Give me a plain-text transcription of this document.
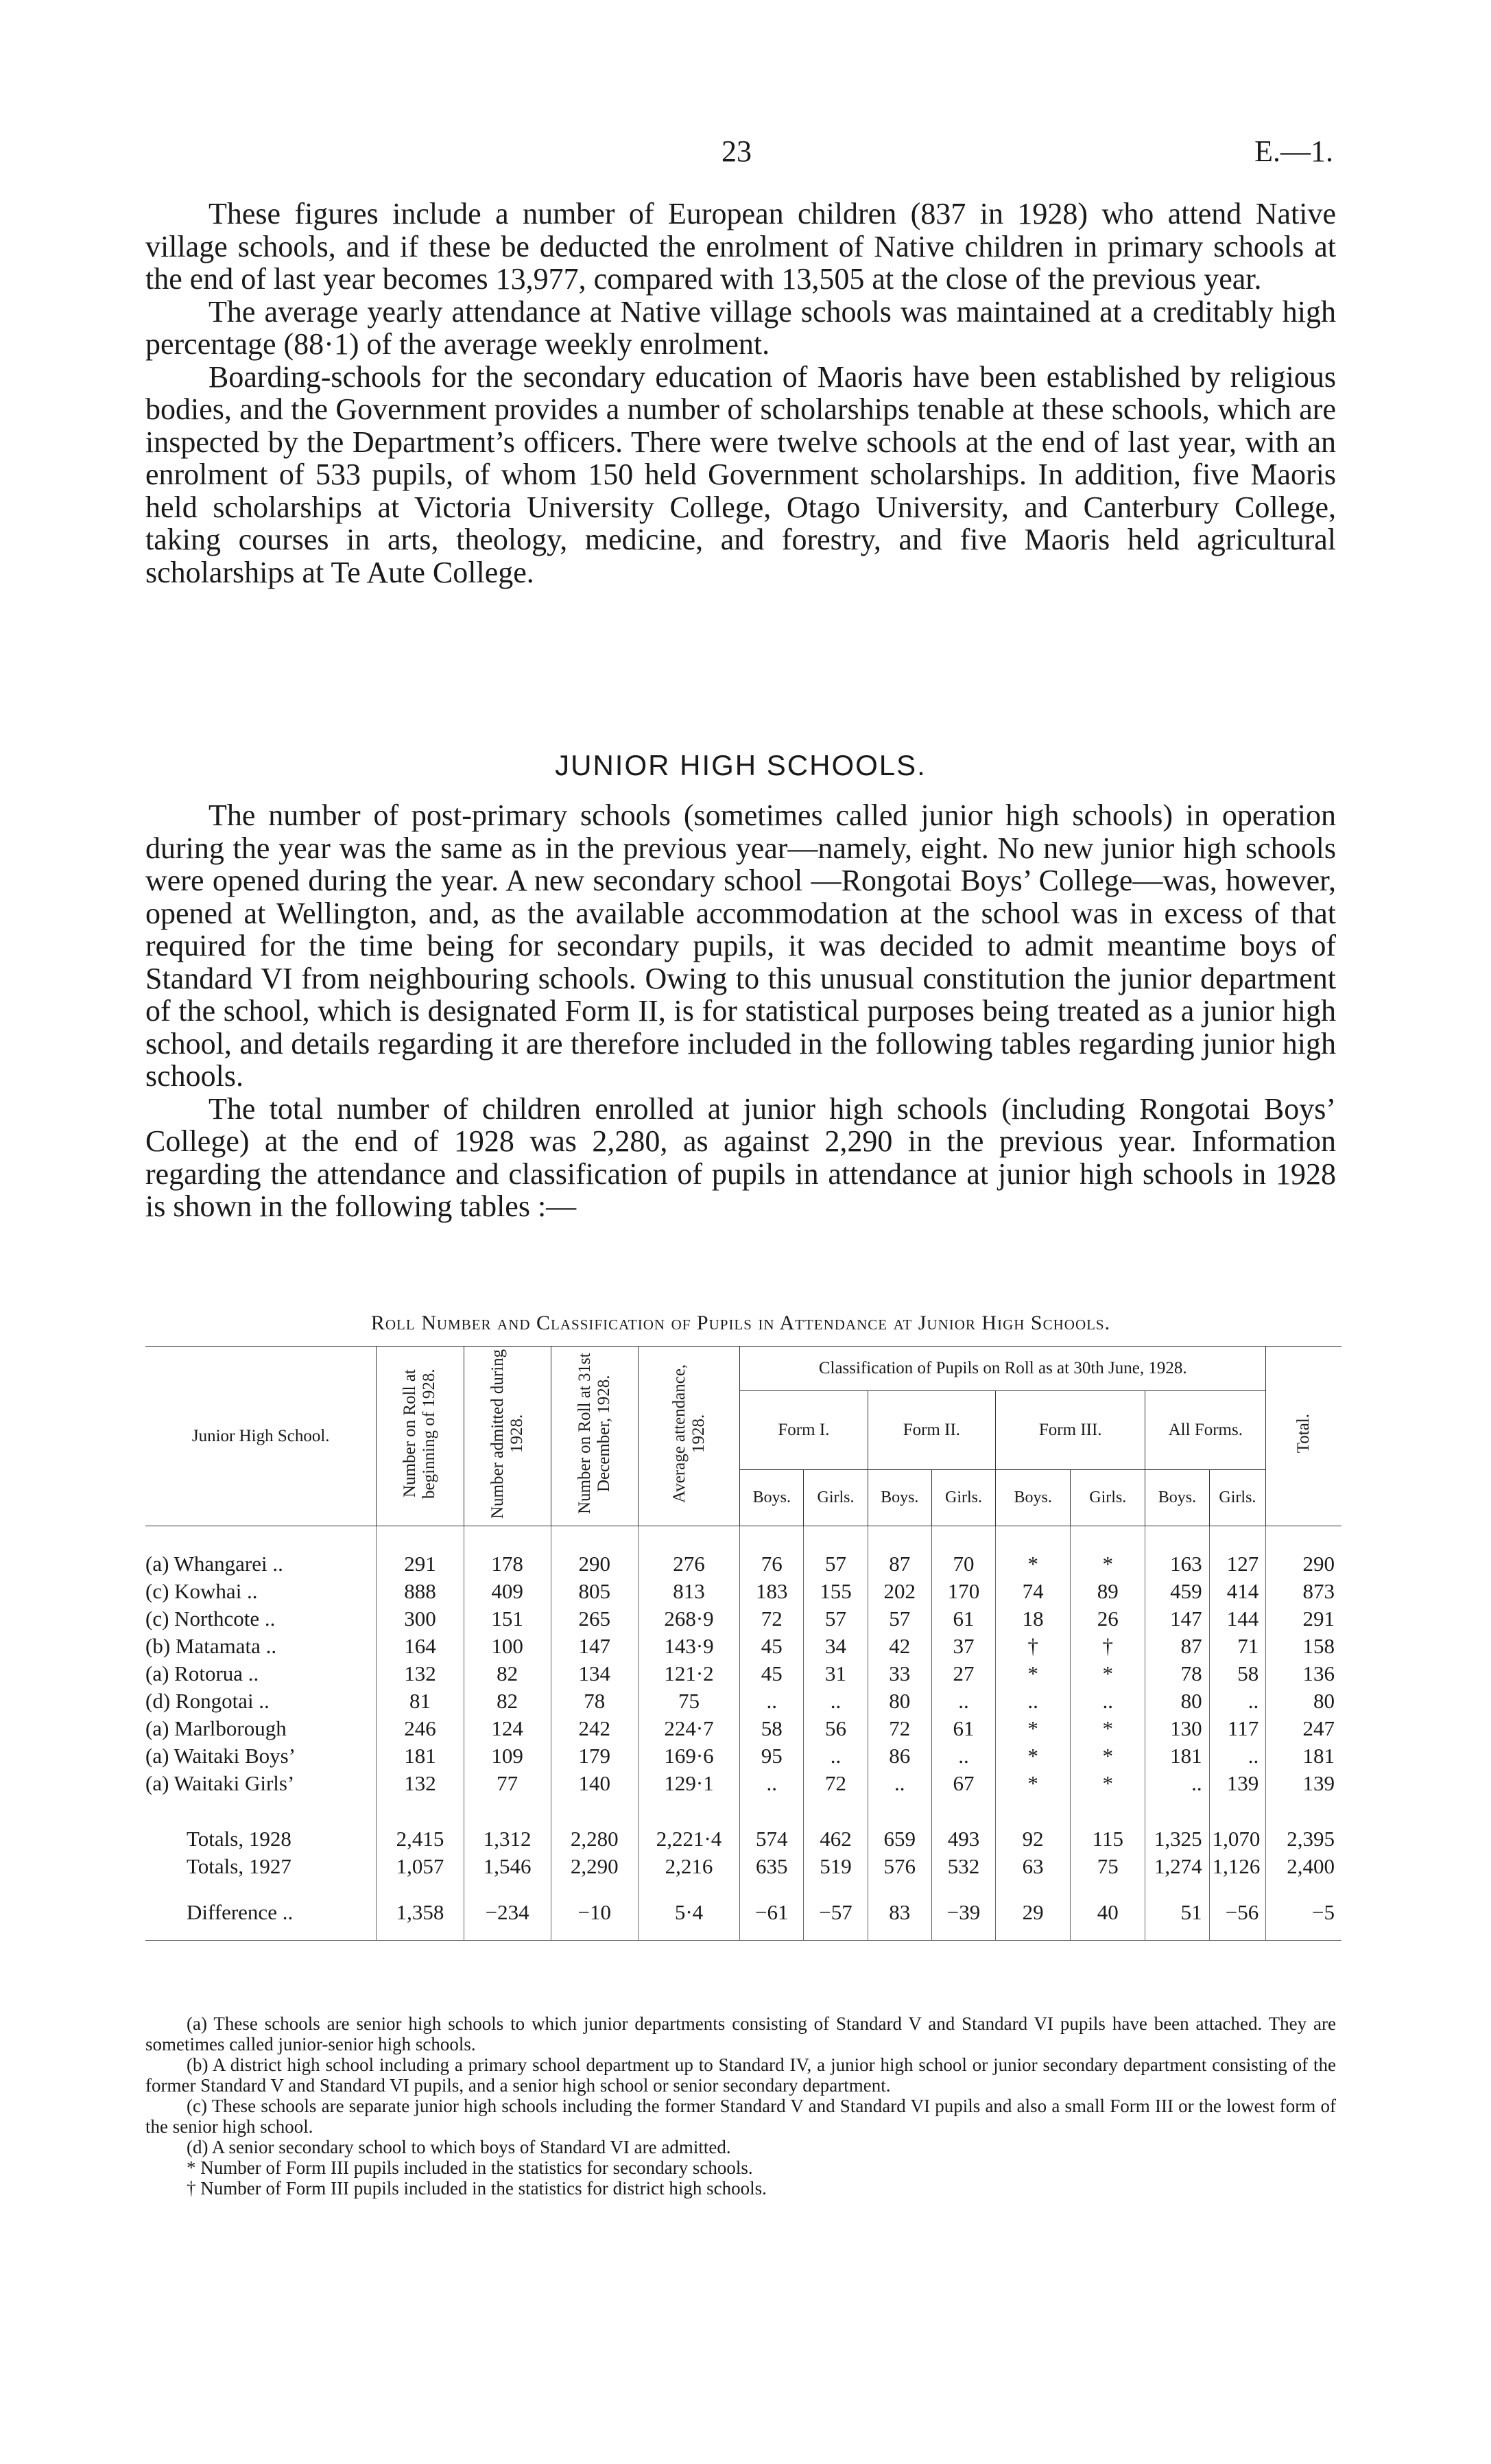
23	E.—1.

These figures include a number of European children (837 in 1928) who attend Native village schools, and if these be deducted the enrolment of Native children in primary schools at the end of last year becomes 13,977, compared with 13,505 at the close of the previous year.

The average yearly attendance at Native village schools was maintained at a creditably high percentage (88·1) of the average weekly enrolment.

Boarding-schools for the secondary education of Maoris have been established by religious bodies, and the Government provides a number of scholarships tenable at these schools, which are inspected by the Department’s officers. There were twelve schools at the end of last year, with an enrolment of 533 pupils, of whom 150 held Government scholarships. In addition, five Maoris held scholarships at Victoria University College, Otago University, and Canterbury College, taking courses in arts, theology, medicine, and forestry, and five Maoris held agricultural scholarships at Te Aute College.

JUNIOR HIGH SCHOOLS.

The number of post-primary schools (sometimes called junior high schools) in operation during the year was the same as in the previous year—namely, eight. No new junior high schools were opened during the year. A new secondary school —Rongotai Boys’ College—was, however, opened at Wellington, and, as the available accommodation at the school was in excess of that required for the time being for secondary pupils, it was decided to admit meantime boys of Standard VI from neighbouring schools. Owing to this unusual constitution the junior department of the school, which is designated Form II, is for statistical purposes being treated as a junior high school, and details regarding it are therefore included in the following tables regarding junior high schools.

The total number of children enrolled at junior high schools (including Rongotai Boys’ College) at the end of 1928 was 2,280, as against 2,290 in the previous year. Information regarding the attendance and classification of pupils in attendance at junior high schools in 1928 is shown in the following tables :—

Roll Number and Classification of Pupils in Attendance at Junior High Schools.
Junior High School.	Number on Roll at beginning of 1928.	Number admitted during 1928.	Number on Roll at 31st December, 1928.	Average attendance, 1928.	Classification of Pupils on Roll as at 30th June, 1928.								Total.
					Form I.		Form II.		Form III.		All Forms.		
					Boys.	Girls.	Boys.	Girls.	Boys.	Girls.	Boys.	Girls.	
(a) Whangarei ..	291	178	290	276	76	57	87	70	*	*	163	127	290
(c) Kowhai ..	888	409	805	813	183	155	202	170	74	89	459	414	873
(c) Northcote ..	300	151	265	268·9	72	57	57	61	18	26	147	144	291
(b) Matamata ..	164	100	147	143·9	45	34	42	37	†	†	87	71	158
(a) Rotorua ..	132	82	134	121·2	45	31	33	27	*	*	78	58	136
(d) Rongotai ..	81	82	78	75	..	..	80	..	..	..	80	..	80
(a) Marlborough	246	124	242	224·7	58	56	72	61	*	*	130	117	247
(a) Waitaki Boys’	181	109	179	169·6	95	..	86	..	*	*	181	..	181
(a) Waitaki Girls’	132	77	140	129·1	..	72	..	67	*	*	..	139	139
Totals, 1928	2,415	1,312	2,280	2,221·4	574	462	659	493	92	115	1,325	1,070	2,395
Totals, 1927	1,057	1,546	2,290	2,216	635	519	576	532	63	75	1,274	1,126	2,400
Difference ..	1,358	−234	−10	5·4	−61	−57	83	−39	29	40	51	−56	−5

(a) These schools are senior high schools to which junior departments consisting of Standard V and Standard VI pupils have been attached. They are sometimes called junior-senior high schools.

(b) A district high school including a primary school department up to Standard IV, a junior high school or junior secondary department consisting of the former Standard V and Standard VI pupils, and a senior high school or senior secondary department.

(c) These schools are separate junior high schools including the former Standard V and Standard VI pupils and also a small Form III or the lowest form of the senior high school.

(d) A senior secondary school to which boys of Standard VI are admitted.

* Number of Form III pupils included in the statistics for secondary schools.

† Number of Form III pupils included in the statistics for district high schools.
